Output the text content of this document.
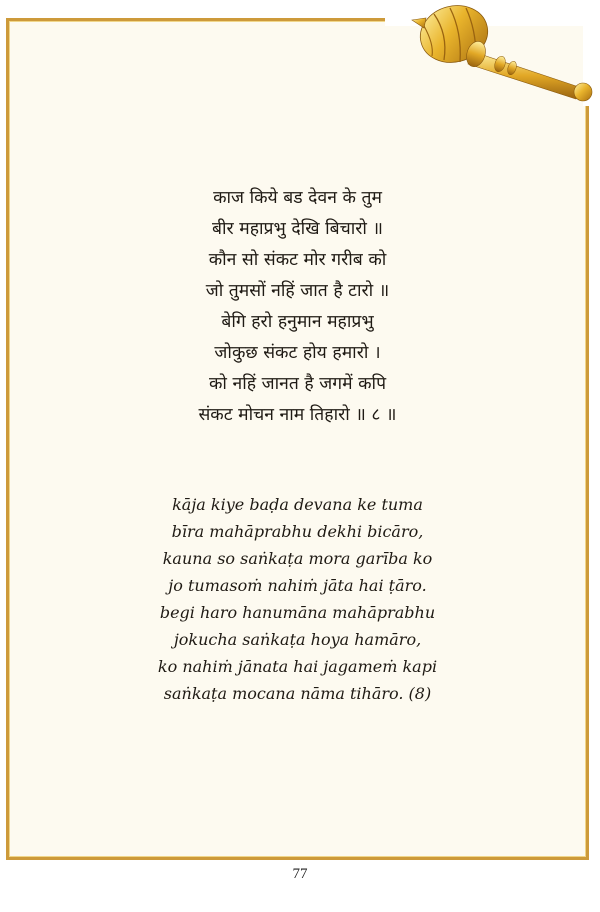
काज किये बड देवन के तुम
बीर महाप्रभु देखि बिचारो ॥
कौन सो संकट मोर गरीब को
जो तुमसों नहिं जात है टारो ॥
बेगि हरो हनुमान महाप्रभु
जोकुछ संकट होय हमारो ।
को नहिं जानत है जगमें कपि
संकट मोचन नाम तिहारो ॥ ८ ॥
kāja kiye baḍa devana ke tuma
bīra mahāprabhu dekhi bicāro,
kauna so saṅkaṭa mora garība ko
jo tumasoṁ nahiṁ jāta hai ṭāro.
begi haro hanumāna mahāprabhu
jokucha saṅkaṭa hoya hamāro,
ko nahiṁ jānata hai jagameṁ kapi
saṅkaṭa mocana nāma tihāro. (8)
77
